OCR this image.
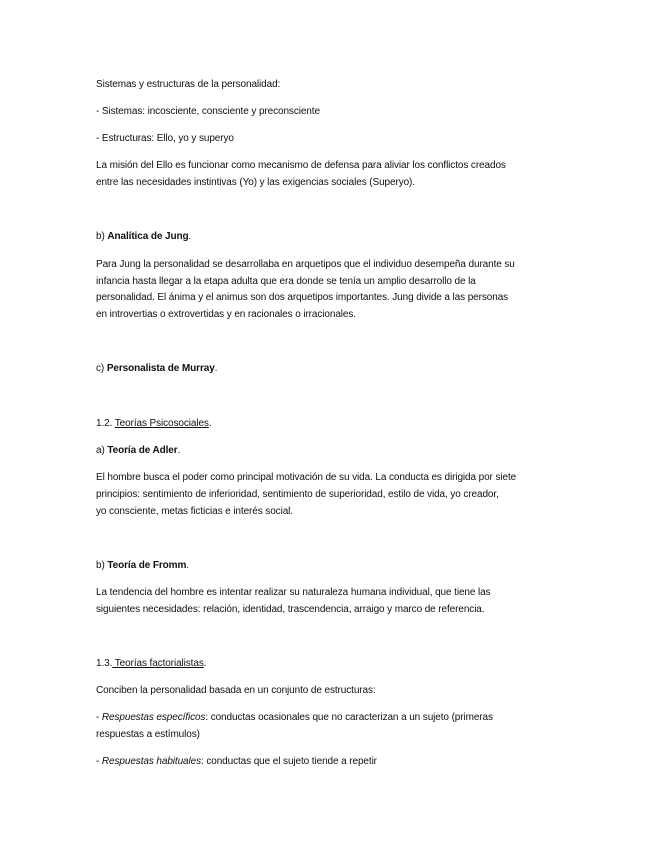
Sistemas y estructuras de la personalidad:
- Sistemas: incosciente, consciente y preconsciente
- Estructuras: Ello, yo y superyo
La misión del Ello es funcionar como mecanismo de defensa para aliviar los conflictos creados
entre las necesidades instintivas (Yo) y las exigencias sociales (Superyo).
b) Analítica de Jung.
Para Jung la personalidad se desarrollaba en arquetipos que el individuo desempeña durante su
infancia hasta llegar a la etapa adulta que era donde se tenía un amplio desarrollo de la
personalidad. El ánima y el animus son dos arquetipos importantes. Jung divide a las personas
en introvertias o extrovertidas y en racionales o irracionales.
c) Personalista de Murray.
1.2. Teorías Psicosociales.
a) Teoría de Adler.
El hombre busca el poder como principal motivación de su vida. La conducta es dirigida por siete
principios: sentimiento de inferioridad, sentimiento de superioridad, estilo de vida, yo creador,
yo consciente, metas ficticias e interés social.
b) Teoría de Fromm.
La tendencia del hombre es intentar realizar su naturaleza humana individual, que tiene las
siguientes necesidades: relación, identidad, trascendencia, arraigo y marco de referencia.
1.3. Teorías factorialistas.
Conciben la personalidad basada en un conjunto de estructuras:
- Respuestas específicos: conductas ocasionales que no caracterizan a un sujeto (primeras
respuestas a estímulos)
- Respuestas habituales: conductas que el sujeto tiende a repetir
